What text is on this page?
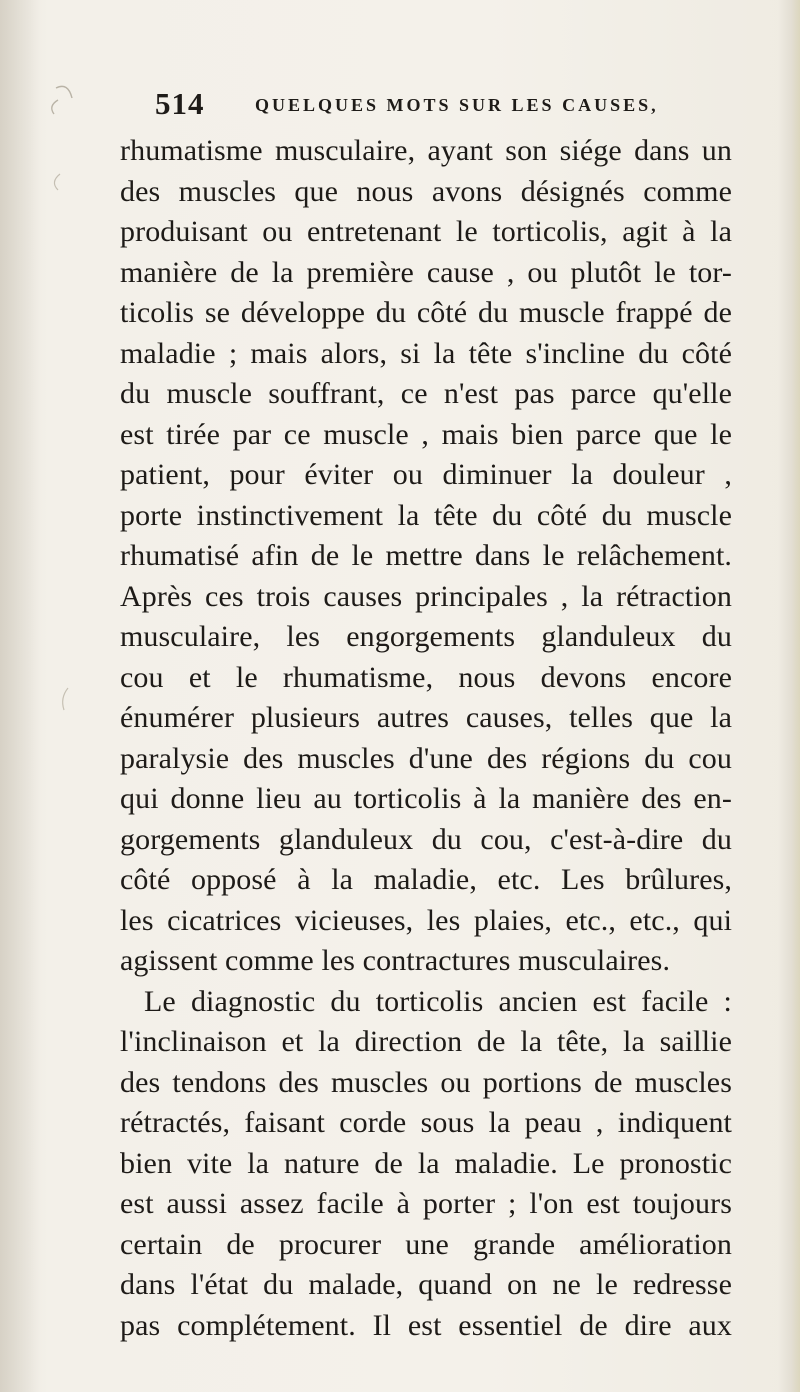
514	QUELQUES MOTS SUR LES CAUSES,
rhumatisme musculaire, ayant son siége dans un
des muscles que nous avons désignés comme
produisant ou entretenant le torticolis, agit à la
manière de la première cause , ou plutôt le tor-
ticolis se développe du côté du muscle frappé de
maladie ; mais alors, si la tête s'incline du côté
du muscle souffrant, ce n'est pas parce qu'elle
est tirée par ce muscle , mais bien parce que le
patient, pour éviter ou diminuer la douleur ,
porte instinctivement la tête du côté du muscle
rhumatisé afin de le mettre dans le relâchement.
Après ces trois causes principales , la rétraction
musculaire, les engorgements glanduleux du
cou et le rhumatisme, nous devons encore
énumérer plusieurs autres causes, telles que la
paralysie des muscles d'une des régions du cou
qui donne lieu au torticolis à la manière des en-
gorgements glanduleux du cou, c'est-à-dire du
côté opposé à la maladie, etc. Les brûlures,
les cicatrices vicieuses, les plaies, etc., etc., qui
agissent comme les contractures musculaires.
Le diagnostic du torticolis ancien est facile :
l'inclinaison et la direction de la tête, la saillie
des tendons des muscles ou portions de muscles
rétractés, faisant corde sous la peau , indiquent
bien vite la nature de la maladie. Le pronostic
est aussi assez facile à porter ; l'on est toujours
certain de procurer une grande amélioration
dans l'état du malade, quand on ne le redresse
pas complétement. Il est essentiel de dire aux
